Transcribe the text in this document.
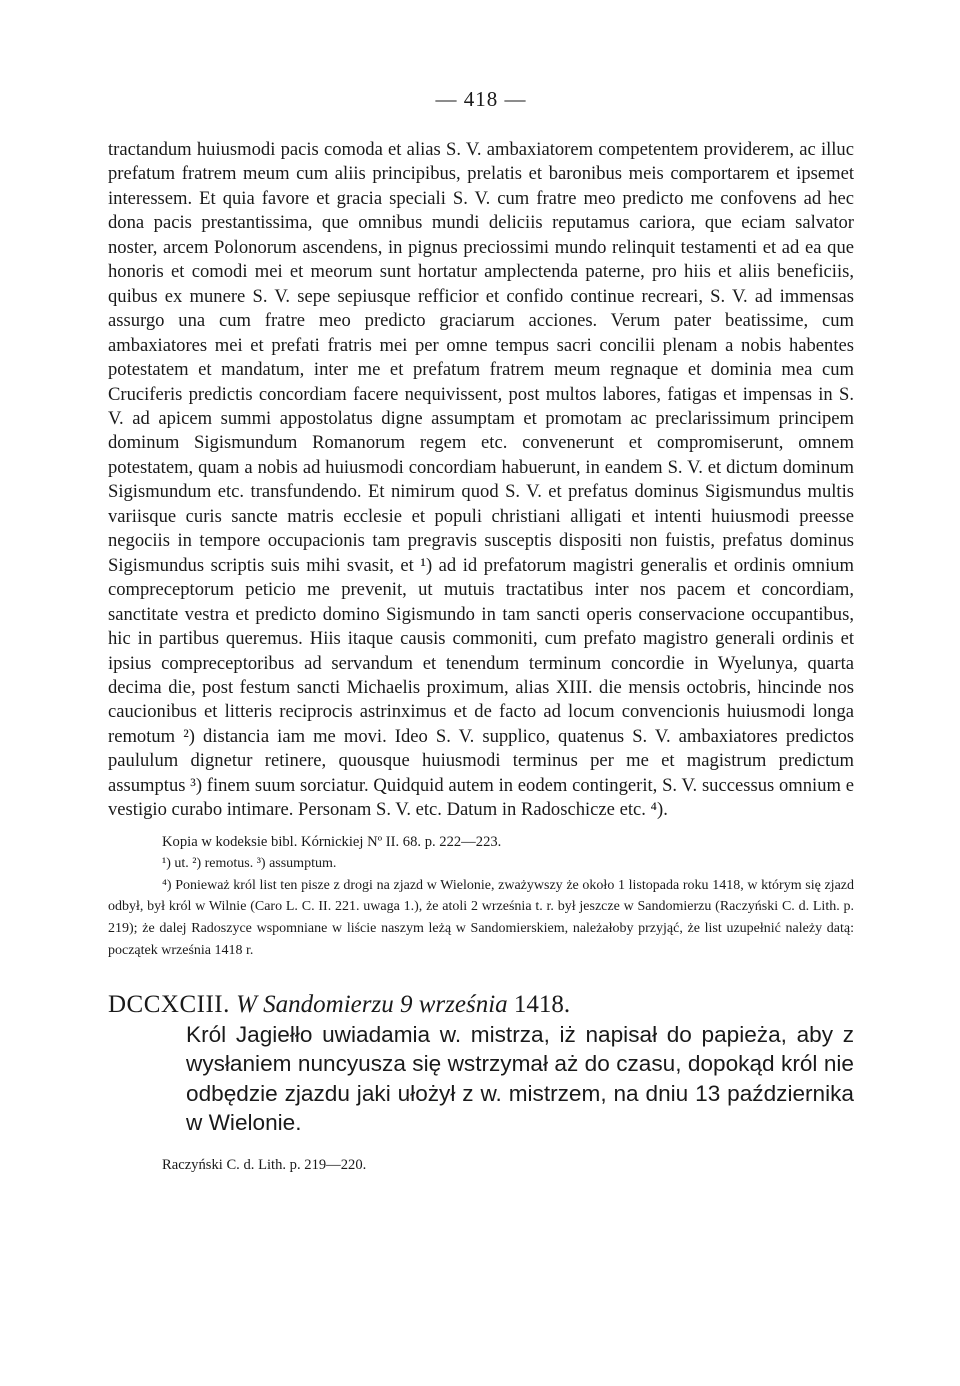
— 418 —

tractandum huiusmodi pacis comoda et alias S. V. ambaxiatorem competentem providerem, ac illuc prefatum fratrem meum cum aliis principibus, prelatis et baronibus meis comportarem et ipsemet interessem. Et quia favore et gracia speciali S. V. cum fratre meo predicto me confovens ad hec dona pacis prestantissima, que omnibus mundi deliciis reputamus cariora, que eciam salvator noster, arcem Polonorum ascendens, in pignus preciossimi mundo relinquit testamenti et ad ea que honoris et comodi mei et meorum sunt hortatur amplectenda paterne, pro hiis et aliis beneficiis, quibus ex munere S. V. sepe sepiusque refficior et confido continue recreari, S. V. ad immensas assurgo una cum fratre meo predicto graciarum acciones. Verum pater beatissime, cum ambaxiatores mei et prefati fratris mei per omne tempus sacri concilii plenam a nobis habentes potestatem et mandatum, inter me et prefatum fratrem meum regnaque et dominia mea cum Cruciferis predictis concordiam facere nequivissent, post multos labores, fatigas et impensas in S. V. ad apicem summi appostolatus digne assumptam et promotam ac preclarissimum principem dominum Sigismundum Romanorum regem etc. convenerunt et compromiserunt, omnem potestatem, quam a nobis ad huiusmodi concordiam habuerunt, in eandem S. V. et dictum dominum Sigismundum etc. transfundendo. Et nimirum quod S. V. et prefatus dominus Sigismundus multis variisque curis sancte matris ecclesie et populi christiani alligati et intenti huiusmodi preesse negociis in tempore occupacionis tam pregravis susceptis dispositi non fuistis, prefatus dominus Sigismundus scriptis suis mihi svasit, et ¹) ad id prefatorum magistri generalis et ordinis omnium compreceptorum peticio me prevenit, ut mutuis tractatibus inter nos pacem et concordiam, sanctitate vestra et predicto domino Sigismundo in tam sancti operis conservacione occupantibus, hic in partibus queremus. Hiis itaque causis commoniti, cum prefato magistro generali ordinis et ipsius compreceptoribus ad servandum et tenendum terminum concordie in Wyelunya, quarta decima die, post festum sancti Michaelis proximum, alias XIII. die mensis octobris, hincinde nos caucionibus et litteris reciprocis astrinximus et de facto ad locum convencionis huiusmodi longa remotum ²) distancia iam me movi. Ideo S. V. supplico, quatenus S. V. ambaxiatores predictos paululum dignetur retinere, quousque huiusmodi terminus per me et magistrum predictum assumptus ³) finem suum sorciatur. Quidquid autem in eodem contingerit, S. V. successus omnium e vestigio curabo intimare. Personam S. V. etc. Datum in Radoschicze etc. ⁴).

Kopia w kodeksie bibl. Kórnickiej Nº II. 68. p. 222—223.
¹) ut. ²) remotus. ³) assumptum.

⁴) Ponieważ król list ten pisze z drogi na zjazd w Wielonie, zważywszy że około 1 listopada roku 1418, w którym się zjazd odbył, był król w Wilnie (Caro L. C. II. 221. uwaga 1.), że atoli 2 września t. r. był jeszcze w Sandomierzu (Raczyński C. d. Lith. p. 219); że dalej Radoszyce wspomniane w liście naszym leżą w Sandomierskiem, należałoby przyjąć, że list uzupełnić należy datą: początek września 1418 r.

DCCXCIII. W Sandomierzu 9 września 1418.

Król Jagiełło uwiadamia w. mistrza, iż napisał do papieża, aby z wysłaniem nuncyusza się wstrzymał aż do czasu, dopokąd król nie odbędzie zjazdu jaki ułożył z w. mistrzem, na dniu 13 października w Wielonie.

Raczyński C. d. Lith. p. 219—220.
